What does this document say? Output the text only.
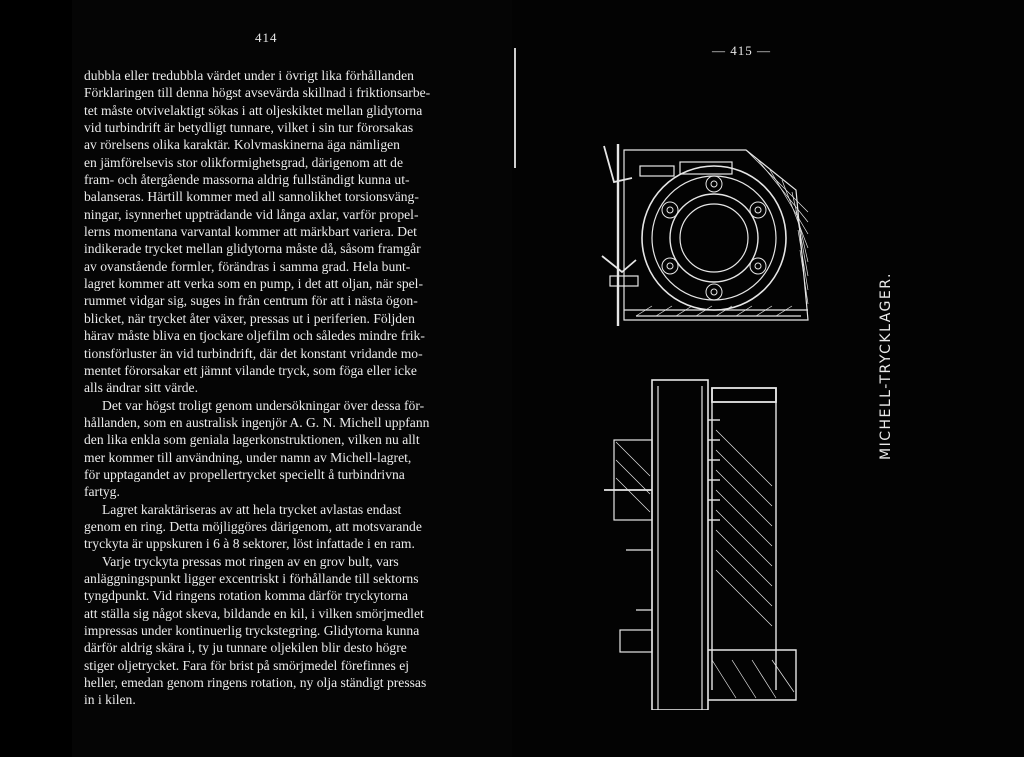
414
— 415 —
dubbla eller tredubbla värdet under i övrigt lika förhållanden
Förklaringen till denna högst avsevärda skillnad i friktionsarbe-
tet måste otvivelaktigt sökas i att oljeskiktet mellan glidytorna
vid turbindrift är betydligt tunnare, vilket i sin tur förorsakas
av rörelsens olika karaktär. Kolvmaskinerna äga nämligen
en jämförelsevis stor olikformighetsgrad, därigenom att de
fram- och återgående massorna aldrig fullständigt kunna ut-
balanseras. Härtill kommer med all sannolikhet torsionsväng-
ningar, isynnerhet uppträdande vid långa axlar, varför propel-
lerns momentana varvantal kommer att märkbart variera. Det
indikerade trycket mellan glidytorna måste då, såsom framgår
av ovanstående formler, förändras i samma grad. Hela bunt-
lagret kommer att verka som en pump, i det att oljan, när spel-
rummet vidgar sig, suges in från centrum för att i nästa ögon-
blicket, när trycket åter växer, pressas ut i periferien. Följden
härav måste bliva en tjockare oljefilm och således mindre frik-
tionsförluster än vid turbindrift, där det konstant vridande mo-
mentet förorsakar ett jämnt vilande tryck, som föga eller icke
alls ändrar sitt värde.
Det var högst troligt genom undersökningar över dessa för-
hållanden, som en australisk ingenjör A. G. N. Michell uppfann
den lika enkla som geniala lagerkonstruktionen, vilken nu allt
mer kommer till användning, under namn av Michell-lagret,
för upptagandet av propellertrycket speciellt å turbindrivna
fartyg.
Lagret karaktäriseras av att hela trycket avlastas endast
genom en ring. Detta möjliggöres därigenom, att motsvarande
tryckyta är uppskuren i 6 à 8 sektorer, löst infattade i en ram.
Varje tryckyta pressas mot ringen av en grov bult, vars
anläggningspunkt ligger excentriskt i förhållande till sektorns
tyngdpunkt. Vid ringens rotation komma därför tryckytorna
att ställa sig något skeva, bildande en kil, i vilken smörjmedlet
impressas under kontinuerlig tryckstegring. Glidytorna kunna
därför aldrig skära i, ty ju tunnare oljekilen blir desto högre
stiger oljetrycket. Fara för brist på smörjmedel förefinnes ej
heller, emedan genom ringens rotation, ny olja ständigt pressas
in i kilen.
MICHELL-TRYCKLAGER.
